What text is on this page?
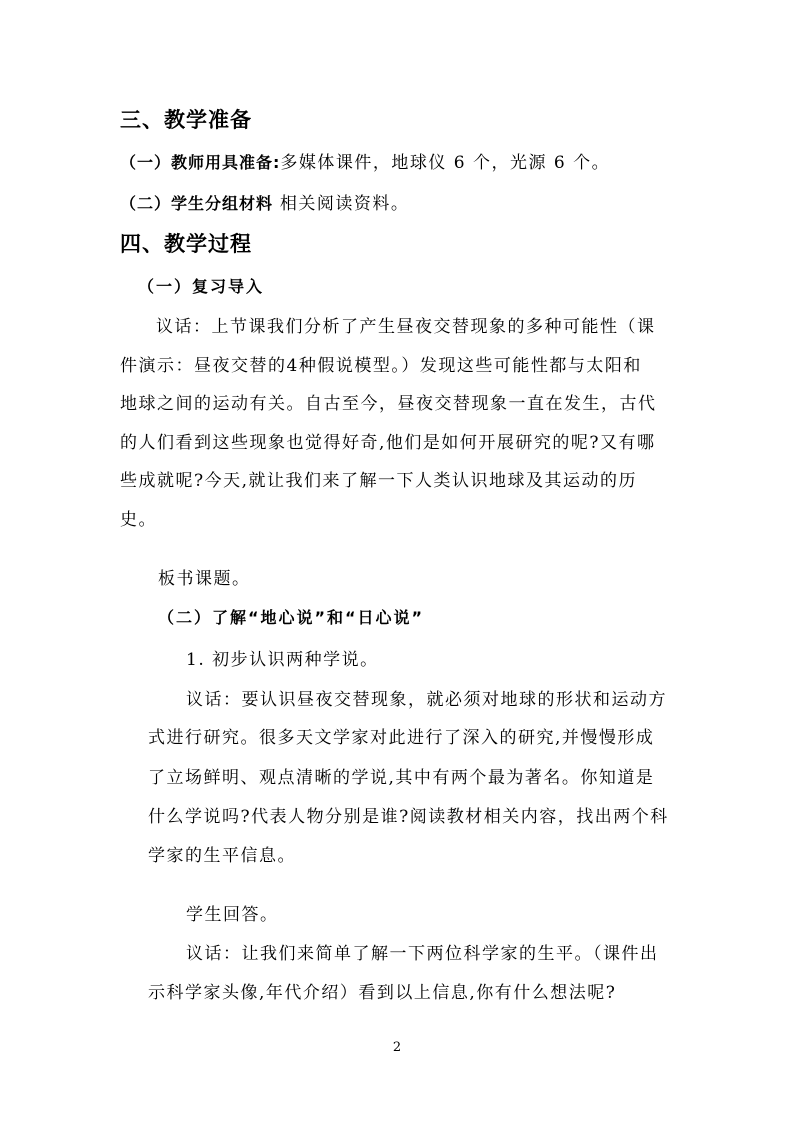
三、教学准备
（一）教师用具准备:多媒体课件，地球仪 6 个，光源 6 个。
（二）学生分组材料 相关阅读资料。
四、教学过程
（一）复习导入
议话：上节课我们分析了产生昼夜交替现象的多种可能性（课
件演示：昼夜交替的4种假说模型。）发现这些可能性都与太阳和
地球之间的运动有关。自古至今，昼夜交替现象一直在发生，古代
的人们看到这些现象也觉得好奇,他们是如何开展研究的呢?又有哪
些成就呢?今天,就让我们来了解一下人类认识地球及其运动的历
史。
板书课题。
（二）了解“地心说”和“日心说”
1. 初步认识两种学说。
议话：要认识昼夜交替现象，就必须对地球的形状和运动方
式进行研究。很多天文学家对此进行了深入的研究,并慢慢形成
了立场鲜明、观点清晰的学说,其中有两个最为著名。你知道是
什么学说吗?代表人物分别是谁?阅读教材相关内容，找出两个科
学家的生平信息。
学生回答。
议话：让我们来简单了解一下两位科学家的生平。（课件出
示科学家头像,年代介绍）看到以上信息,你有什么想法呢?
2
